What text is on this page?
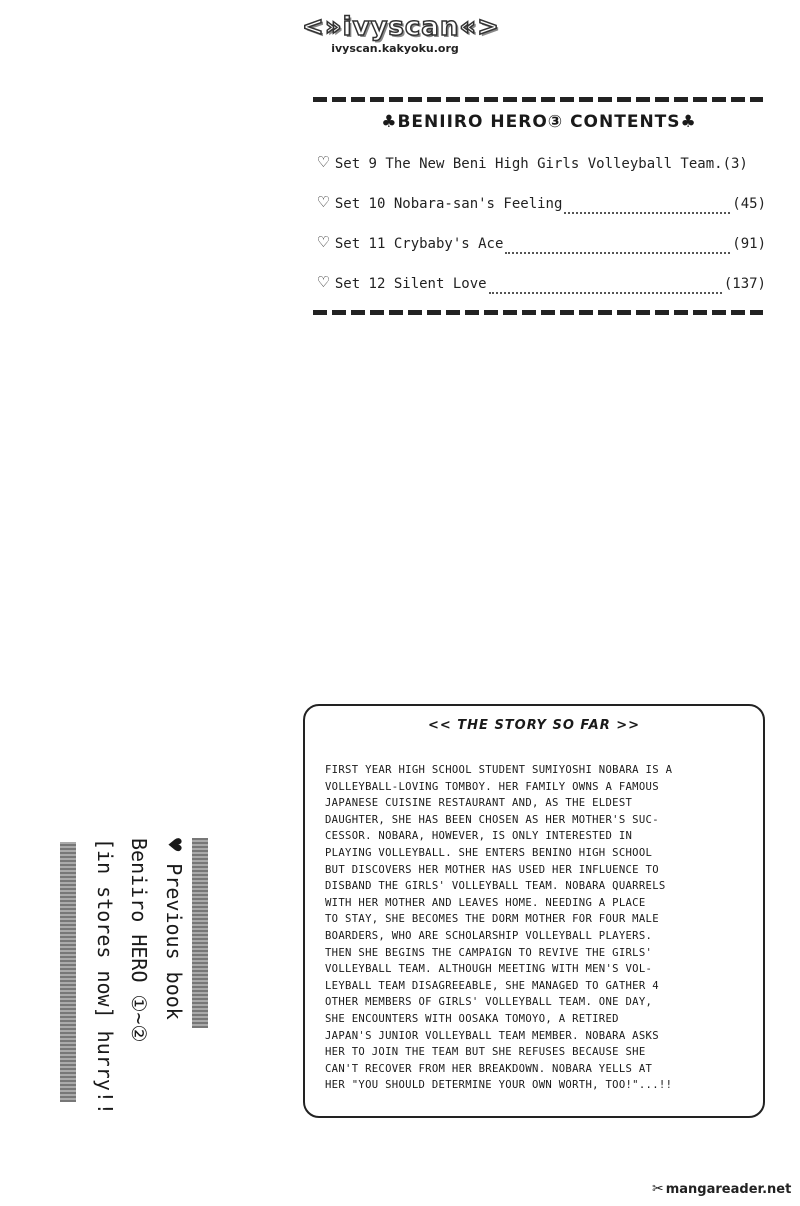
<»ivyscan«>
ivyscan.kakyoku.org
♣BENIIRO HERO③ CONTENTS♣
♡ Set 9 The New Beni High Girls Volleyball Team .(3)
♡ Set 10 Nobara-san's Feeling	(45)
♡ Set 11 Crybaby's Ace	(91)
♡ Set 12 Silent Love	(137)
<< THE STORY SO FAR >>
FIRST YEAR HIGH SCHOOL STUDENT SUMIYOSHI NOBARA IS A
VOLLEYBALL-LOVING TOMBOY. HER FAMILY OWNS A FAMOUS
JAPANESE CUISINE RESTAURANT AND, AS THE ELDEST
DAUGHTER, SHE HAS BEEN CHOSEN AS HER MOTHER'S SUC-
CESSOR. NOBARA, HOWEVER, IS ONLY INTERESTED IN
PLAYING VOLLEYBALL. SHE ENTERS BENINO HIGH SCHOOL
BUT DISCOVERS HER MOTHER HAS USED HER INFLUENCE TO
DISBAND THE GIRLS' VOLLEYBALL TEAM. NOBARA QUARRELS
WITH HER MOTHER AND LEAVES HOME. NEEDING A PLACE
TO STAY, SHE BECOMES THE DORM MOTHER FOR FOUR MALE
BOARDERS, WHO ARE SCHOLARSHIP VOLLEYBALL PLAYERS.
THEN SHE BEGINS THE CAMPAIGN TO REVIVE THE GIRLS'
VOLLEYBALL TEAM. ALTHOUGH MEETING WITH MEN'S VOL-
LEYBALL TEAM DISAGREEABLE, SHE MANAGED TO GATHER 4
OTHER MEMBERS OF GIRLS' VOLLEYBALL TEAM. ONE DAY,
SHE ENCOUNTERS WITH OOSAKA TOMOYO, A RETIRED
JAPAN'S JUNIOR VOLLEYBALL TEAM MEMBER. NOBARA ASKS
HER TO JOIN THE TEAM BUT SHE REFUSES BECAUSE SHE
CAN'T RECOVER FROM HER BREAKDOWN. NOBARA YELLS AT
HER "YOU SHOULD DETERMINE YOUR OWN WORTH, TOO!"...!!
♥ Previous book
Beniiro HERO ①~②
[in stores now] hurry!!
✂ mangareader.net
